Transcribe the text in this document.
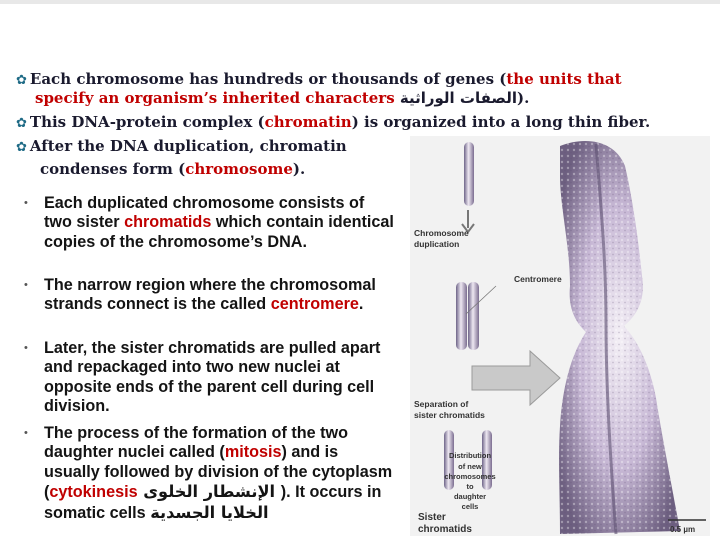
✿ Each chromosome has hundreds or thousands of genes (the units that
specify an organism’s inherited characters الصفات الوراثية).
✿ This DNA-protein complex (chromatin) is organized into a long thin fiber.
✿ After the DNA duplication, chromatin
condenses form (chromosome).
• Each duplicated chromosome consists of two sister chromatids which contain identical copies of the chromosome’s DNA.
• The narrow region where the chromosomal strands connect is the called centromere.
• Later, the sister chromatids are pulled apart and repackaged into two new nuclei at opposite ends of the parent cell during cell division.
• The process of the formation of the two daughter nuclei called (mitosis) and is usually followed by division of the cytoplasm (cytokinesis الإنشطار الخلوى ). It occurs in somatic cells الخلايا الجسدية
Chromosome
duplication
Centromere
Separation of
sister chromatids
Distribution
of new
chromosomes
to
daughter
cells
Sister
chromatids	0.5 µm
